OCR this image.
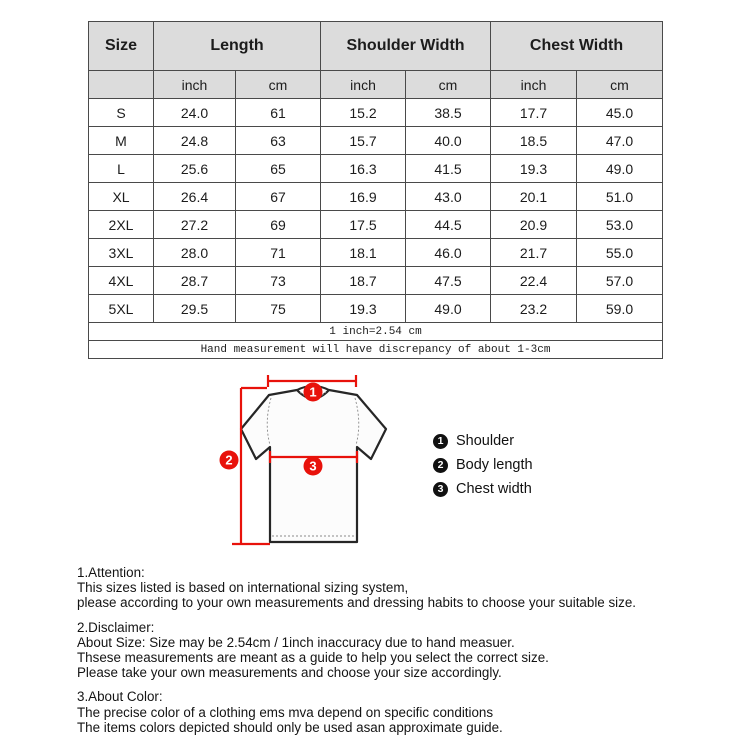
Size	Length		Shoulder Width		Chest Width	
	inch	cm	inch	cm	inch	cm
S	24.0	61	15.2	38.5	17.7	45.0
M	24.8	63	15.7	40.0	18.5	47.0
L	25.6	65	16.3	41.5	19.3	49.0
XL	26.4	67	16.9	43.0	20.1	51.0
2XL	27.2	69	17.5	44.5	20.9	53.0
3XL	28.0	71	18.1	46.0	21.7	55.0
4XL	28.7	73	18.7	47.5	22.4	57.0
5XL	29.5	75	19.3	49.0	23.2	59.0
1 inch=2.54 cm						
Hand measurement will have discrepancy of about 1-3cm						
1
2	3
1 Shoulder
2 Body length
3 Chest width
1.Attention:
This sizes listed is based on international sizing system,
please according to your own measurements and dressing habits to choose your suitable size.
2.Disclaimer:
About Size: Size may be 2.54cm / 1inch inaccuracy due to hand measuer.
Thsese measurements are meant as a guide to help you select the correct size.
Please take your own measurements and choose your size accordingly.
3.About Color:
The precise color of a clothing ems mva depend on specific conditions
The items colors depicted should only be used asan approximate guide.
